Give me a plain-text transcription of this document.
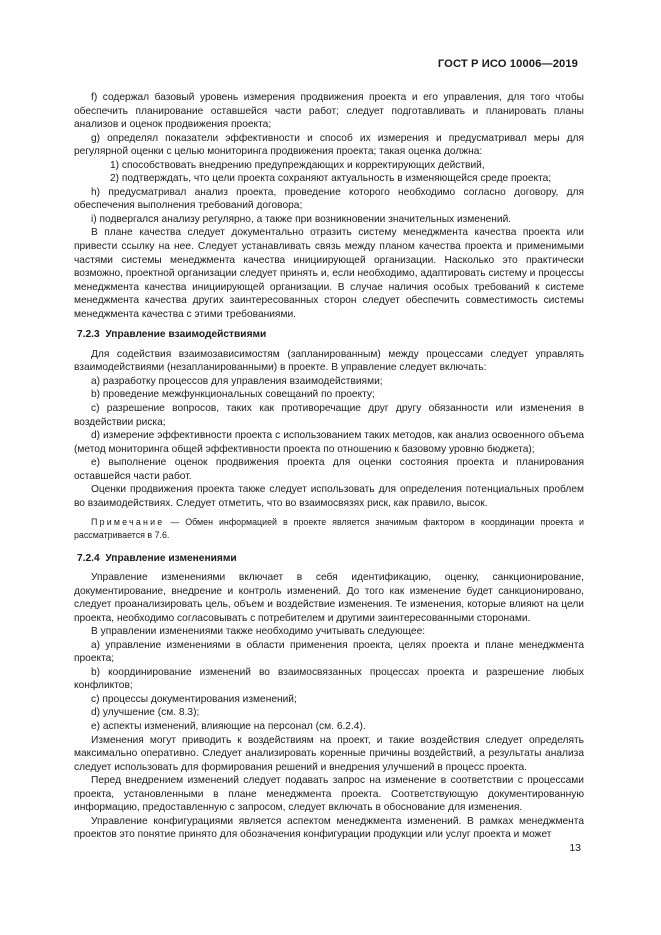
ГОСТ Р ИСО 10006—2019

f) содержал базовый уровень измерения продвижения проекта и его управления, для того чтобы обеспечить планирование оставшейся части работ; следует подготавливать и планировать планы анализов и оценок продвижения проекта;

g) определял показатели эффективности и способ их измерения и предусматривал меры для регулярной оценки с целью мониторинга продвижения проекта; такая оценка должна:

1) способствовать внедрению предупреждающих и корректирующих действий,

2) подтверждать, что цели проекта сохраняют актуальность в изменяющейся среде проекта;

h) предусматривал анализ проекта, проведение которого необходимо согласно договору, для обеспечения выполнения требований договора;

i) подвергался анализу регулярно, а также при возникновении значительных изменений.

В плане качества следует документально отразить систему менеджмента качества проекта или привести ссылку на нее. Следует устанавливать связь между планом качества проекта и применимыми частями системы менеджмента качества инициирующей организации. Насколько это практически возможно, проектной организации следует принять и, если необходимо, адаптировать систему и процессы менеджмента качества инициирующей организации. В случае наличия особых требований к системе менеджмента качества других заинтересованных сторон следует обеспечить совместимость системы менеджмента качества с этими требованиями.

7.2.3 Управление взаимодействиями

Для содействия взаимозависимостям (запланированным) между процессами следует управлять взаимодействиями (незапланированными) в проекте. В управление следует включать:

a) разработку процессов для управления взаимодействиями;

b) проведение межфункциональных совещаний по проекту;

c) разрешение вопросов, таких как противоречащие друг другу обязанности или изменения в воздействии риска;

d) измерение эффективности проекта с использованием таких методов, как анализ освоенного объема (метод мониторинга общей эффективности проекта по отношению к базовому уровню бюджета);

e) выполнение оценок продвижения проекта для оценки состояния проекта и планирования оставшейся части работ.

Оценки продвижения проекта также следует использовать для определения потенциальных проблем во взаимодействиях. Следует отметить, что во взаимосвязях риск, как правило, высок.

Примечание — Обмен информацией в проекте является значимым фактором в координации проекта и рассматривается в 7.6.

7.2.4 Управление изменениями

Управление изменениями включает в себя идентификацию, оценку, санкционирование, документирование, внедрение и контроль изменений. До того как изменение будет санкционировано, следует проанализировать цель, объем и воздействие изменения. Те изменения, которые влияют на цели проекта, необходимо согласовывать с потребителем и другими заинтересованными сторонами.

В управлении изменениями также необходимо учитывать следующее:

a) управление изменениями в области применения проекта, целях проекта и плане менеджмента проекта;

b) координирование изменений во взаимосвязанных процессах проекта и разрешение любых конфликтов;

c) процессы документирования изменений;

d) улучшение (см. 8.3);

e) аспекты изменений, влияющие на персонал (см. 6.2.4).

Изменения могут приводить к воздействиям на проект, и такие воздействия следует определять максимально оперативно. Следует анализировать коренные причины воздействий, а результаты анализа следует использовать для формирования решений и внедрения улучшений в процесс проекта.

Перед внедрением изменений следует подавать запрос на изменение в соответствии с процессами проекта, установленными в плане менеджмента проекта. Соответствующую документированную информацию, предоставленную с запросом, следует включать в обоснование для изменения.

Управление конфигурациями является аспектом менеджмента изменений. В рамках менеджмента проектов это понятие принято для обозначения конфигурации продукции или услуг проекта и может

13
